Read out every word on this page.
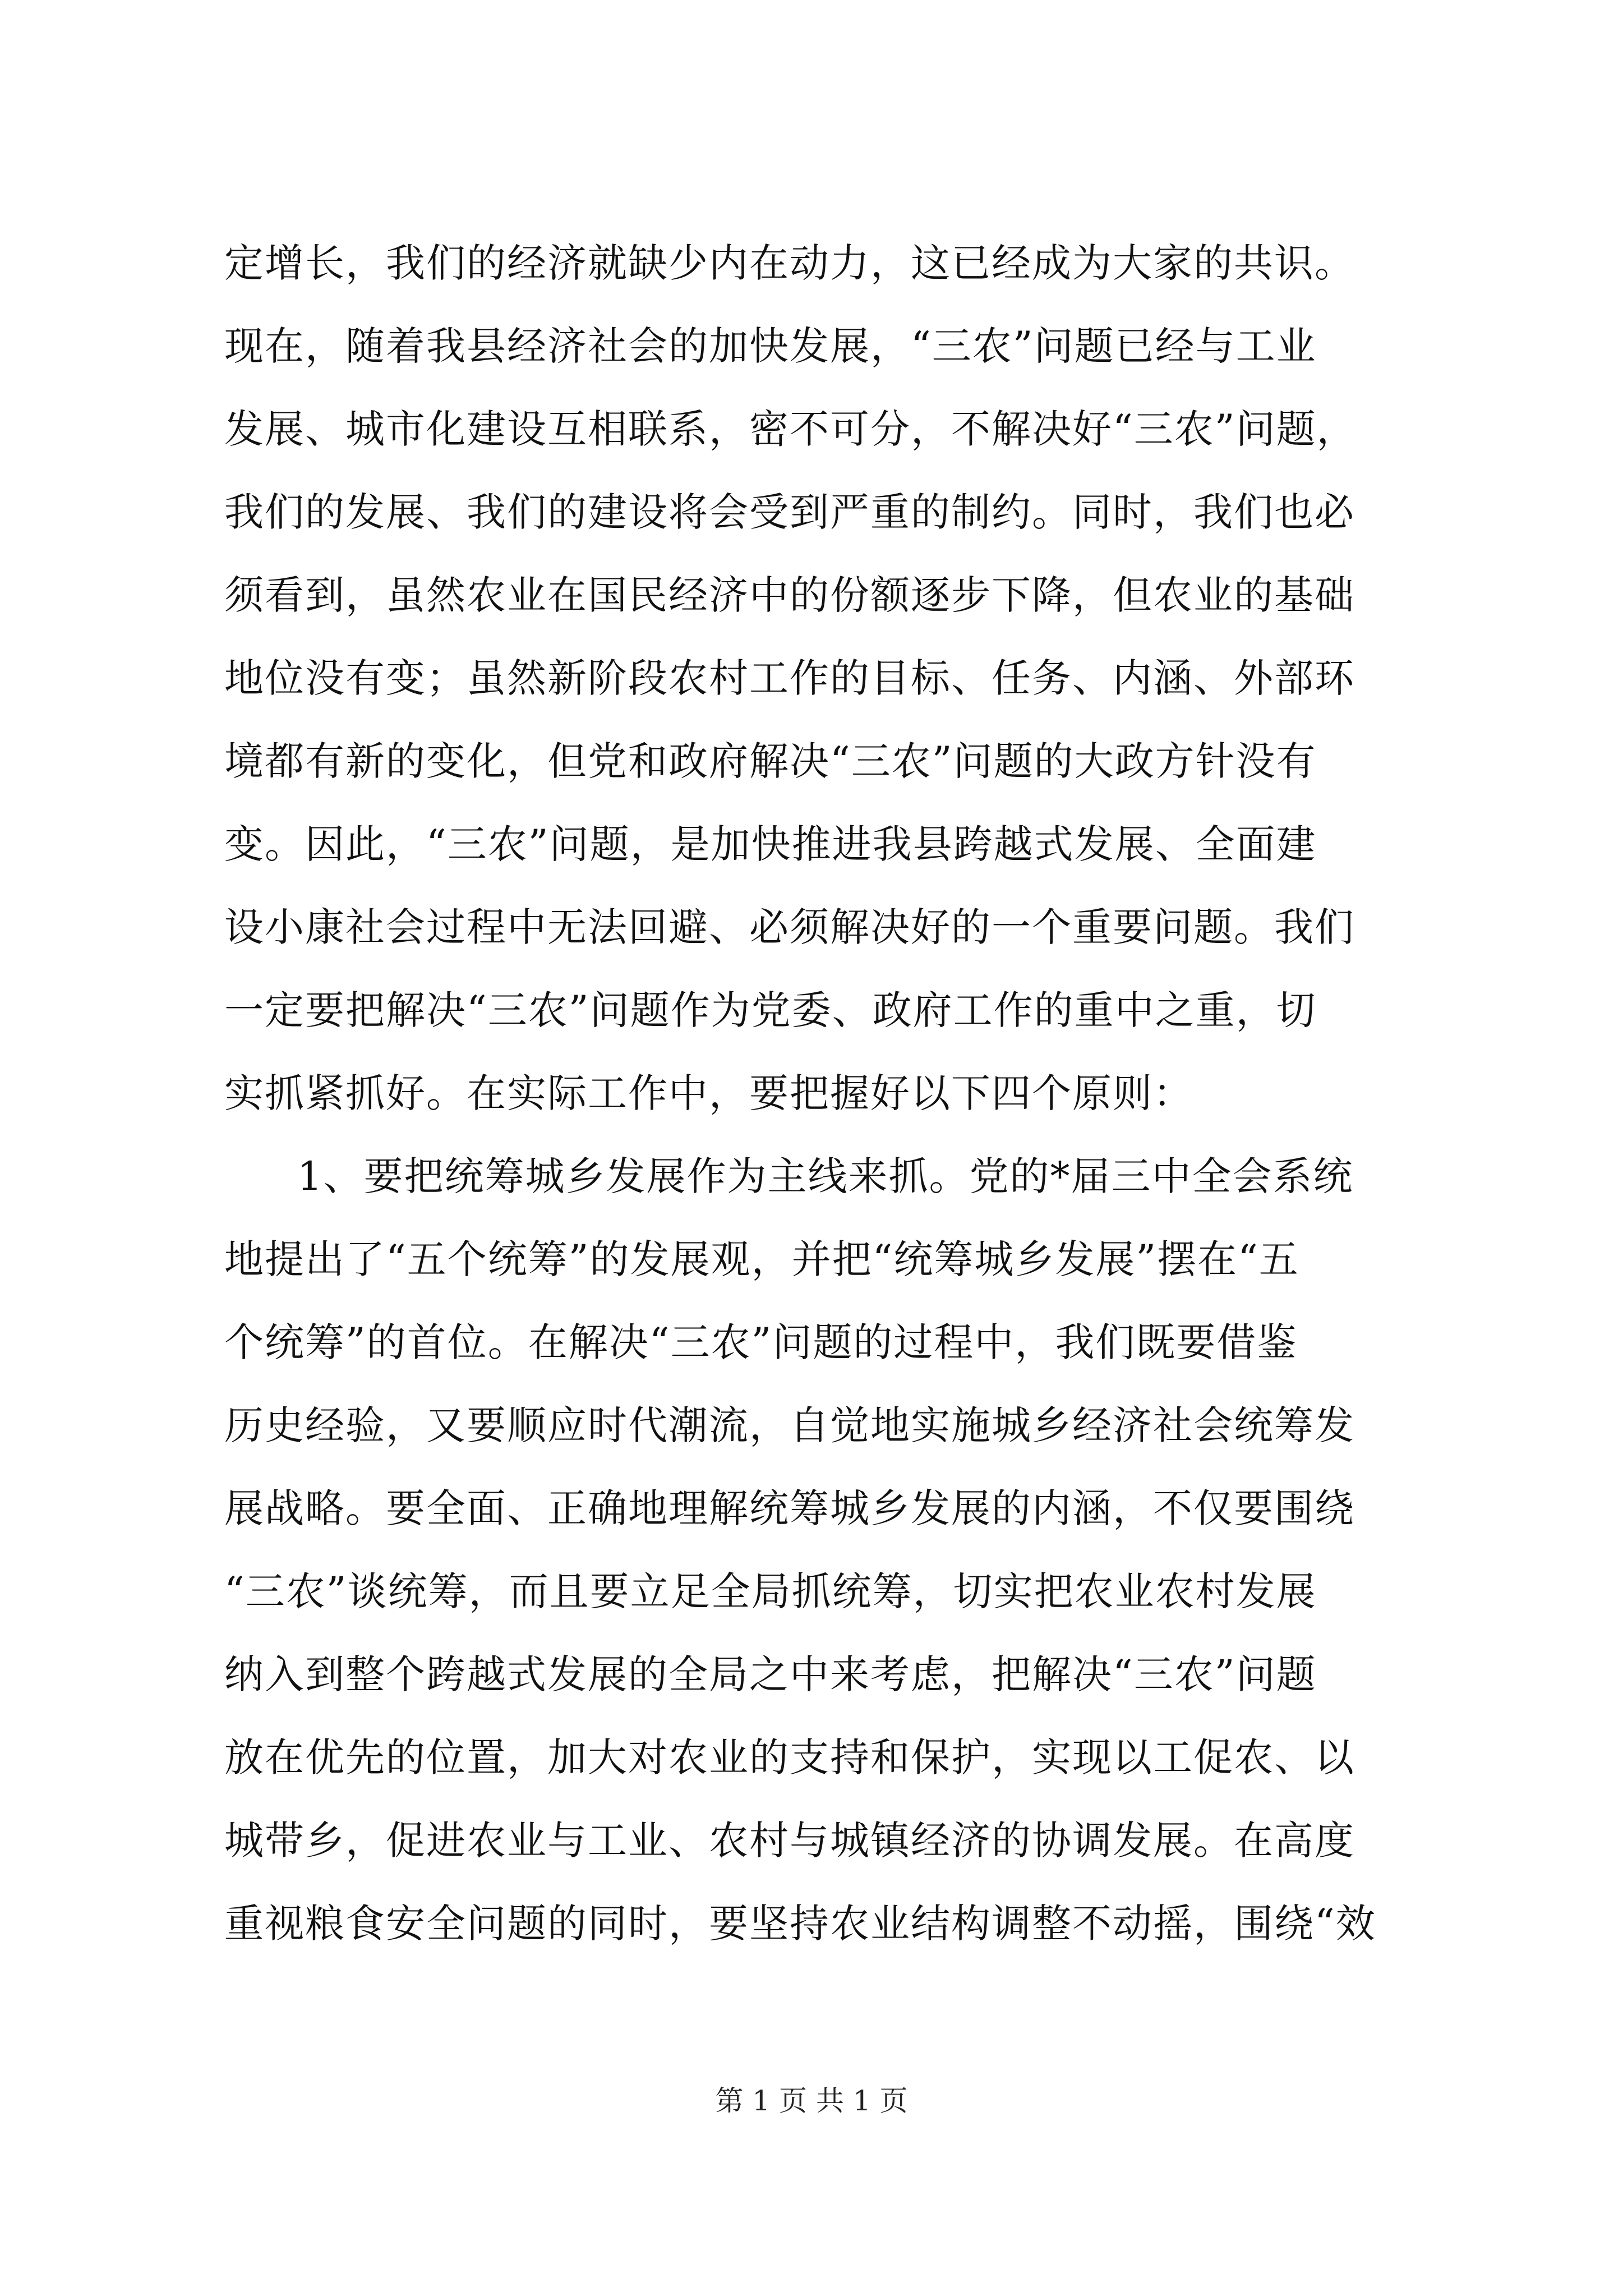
定增长，我们的经济就缺少内在动力，这已经成为大家的共识。
现在，随着我县经济社会的加快发展，“三农”问题已经与工业
发展、城市化建设互相联系，密不可分，不解决好“三农”问题，
我们的发展、我们的建设将会受到严重的制约。同时，我们也必
须看到，虽然农业在国民经济中的份额逐步下降，但农业的基础
地位没有变；虽然新阶段农村工作的目标、任务、内涵、外部环
境都有新的变化，但党和政府解决“三农”问题的大政方针没有
变。因此，“三农”问题，是加快推进我县跨越式发展、全面建
设小康社会过程中无法回避、必须解决好的一个重要问题。我们
一定要把解决“三农”问题作为党委、政府工作的重中之重，切
实抓紧抓好。在实际工作中，要把握好以下四个原则：
1、要把统筹城乡发展作为主线来抓。党的*届三中全会系统
地提出了“五个统筹”的发展观，并把“统筹城乡发展”摆在“五
个统筹”的首位。在解决“三农”问题的过程中，我们既要借鉴
历史经验，又要顺应时代潮流，自觉地实施城乡经济社会统筹发
展战略。要全面、正确地理解统筹城乡发展的内涵，不仅要围绕
“三农”谈统筹，而且要立足全局抓统筹，切实把农业农村发展
纳入到整个跨越式发展的全局之中来考虑，把解决“三农”问题
放在优先的位置，加大对农业的支持和保护，实现以工促农、以
城带乡，促进农业与工业、农村与城镇经济的协调发展。在高度
重视粮食安全问题的同时，要坚持农业结构调整不动摇，围绕“效
第 1 页 共 1 页
